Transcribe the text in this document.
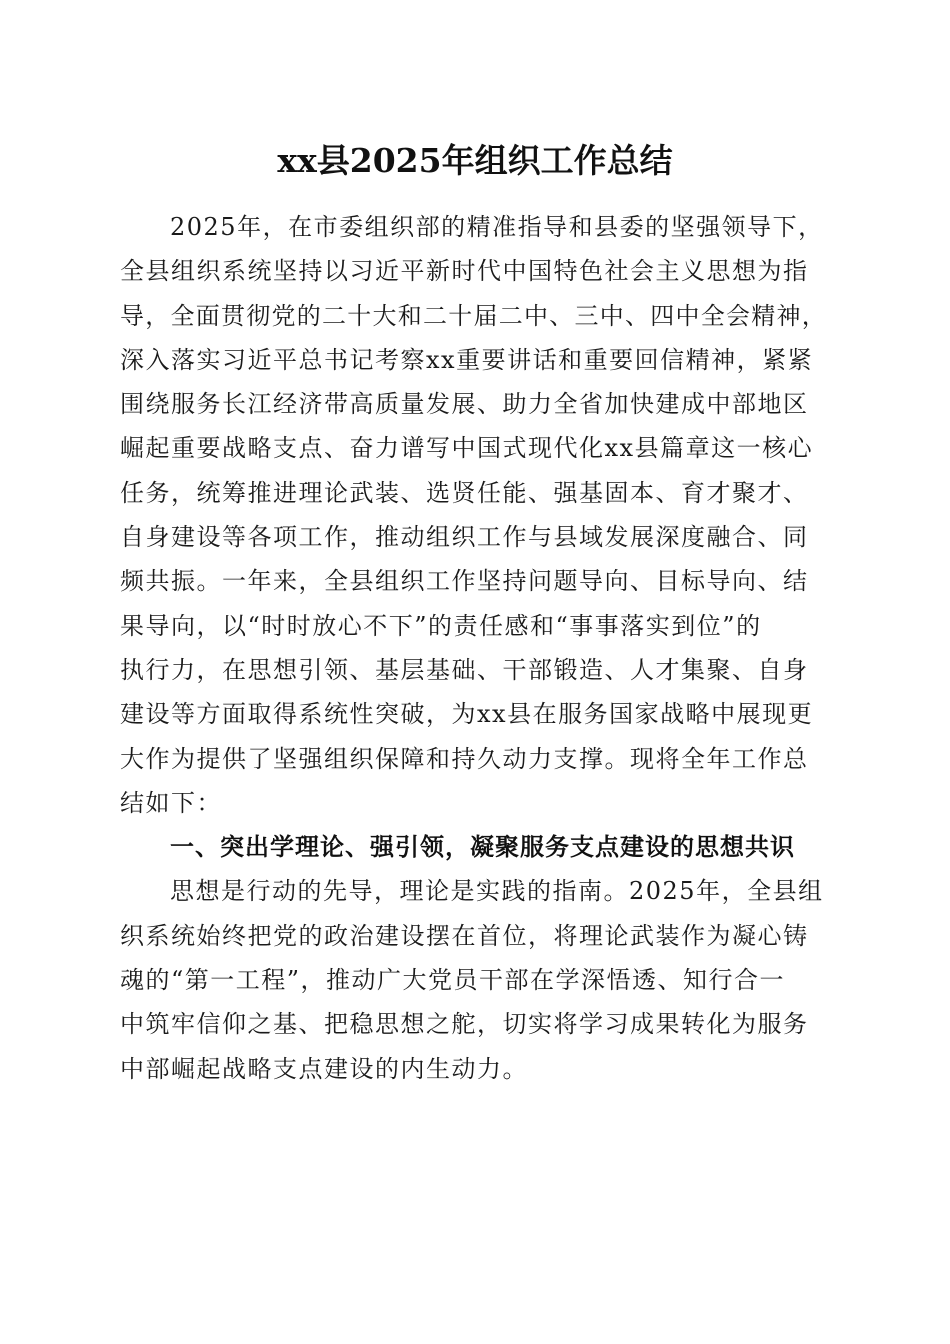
xx县2025年组织工作总结
2025年，在市委组织部的精准指导和县委的坚强领导下，
全县组织系统坚持以习近平新时代中国特色社会主义思想为指
导，全面贯彻党的二十大和二十届二中、三中、四中全会精神，
深入落实习近平总书记考察xx重要讲话和重要回信精神，紧紧
围绕服务长江经济带高质量发展、助力全省加快建成中部地区
崛起重要战略支点、奋力谱写中国式现代化xx县篇章这一核心
任务，统筹推进理论武装、选贤任能、强基固本、育才聚才、
自身建设等各项工作，推动组织工作与县域发展深度融合、同
频共振。一年来，全县组织工作坚持问题导向、目标导向、结
果导向，以“时时放心不下”的责任感和“事事落实到位”的
执行力，在思想引领、基层基础、干部锻造、人才集聚、自身
建设等方面取得系统性突破，为xx县在服务国家战略中展现更
大作为提供了坚强组织保障和持久动力支撑。现将全年工作总
结如下：
一、突出学理论、强引领，凝聚服务支点建设的思想共识
思想是行动的先导，理论是实践的指南。2025年，全县组
织系统始终把党的政治建设摆在首位，将理论武装作为凝心铸
魂的“第一工程”，推动广大党员干部在学深悟透、知行合一
中筑牢信仰之基、把稳思想之舵，切实将学习成果转化为服务
中部崛起战略支点建设的内生动力。
